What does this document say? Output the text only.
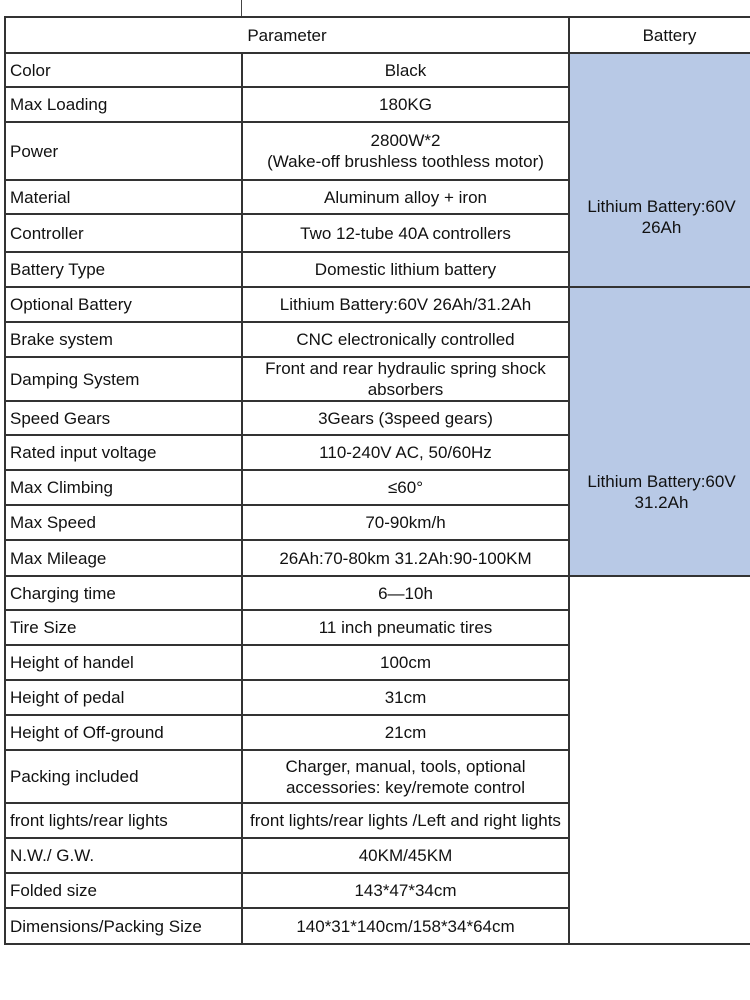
Parameter		Battery
Color	Black	Lithium Battery:60V
26Ah

Max Loading	180KG	
Power	2800W*2
(Wake-off brushless toothless motor)	
Material	Aluminum alloy + iron	
Controller	Two 12-tube 40A controllers	
Battery Type	Domestic lithium battery	
Optional Battery	Lithium Battery:60V 26Ah/31.2Ah	Lithium Battery:60V
31.2Ah

Brake system	CNC electronically controlled	
Damping System	Front and rear hydraulic spring shock absorbers	
Speed Gears	3Gears (3speed gears)	
Rated input voltage	110-240V AC, 50/60Hz	
Max Climbing	≤60°	
Max Speed	70-90km/h	
Max Mileage	26Ah:70-80km 31.2Ah:90-100KM	
Charging time	6—10h	

Tire Size	11 inch pneumatic tires	
Height of handel	100cm	
Height of pedal	31cm	
Height of Off-ground	21cm	
Packing included	Charger, manual, tools, optional accessories: key/remote control	
front lights/rear lights	front lights/rear lights /Left and right lights	
N.W./ G.W.	40KM/45KM	
Folded size	143*47*34cm	
Dimensions/Packing Size	140*31*140cm/158*34*64cm	
